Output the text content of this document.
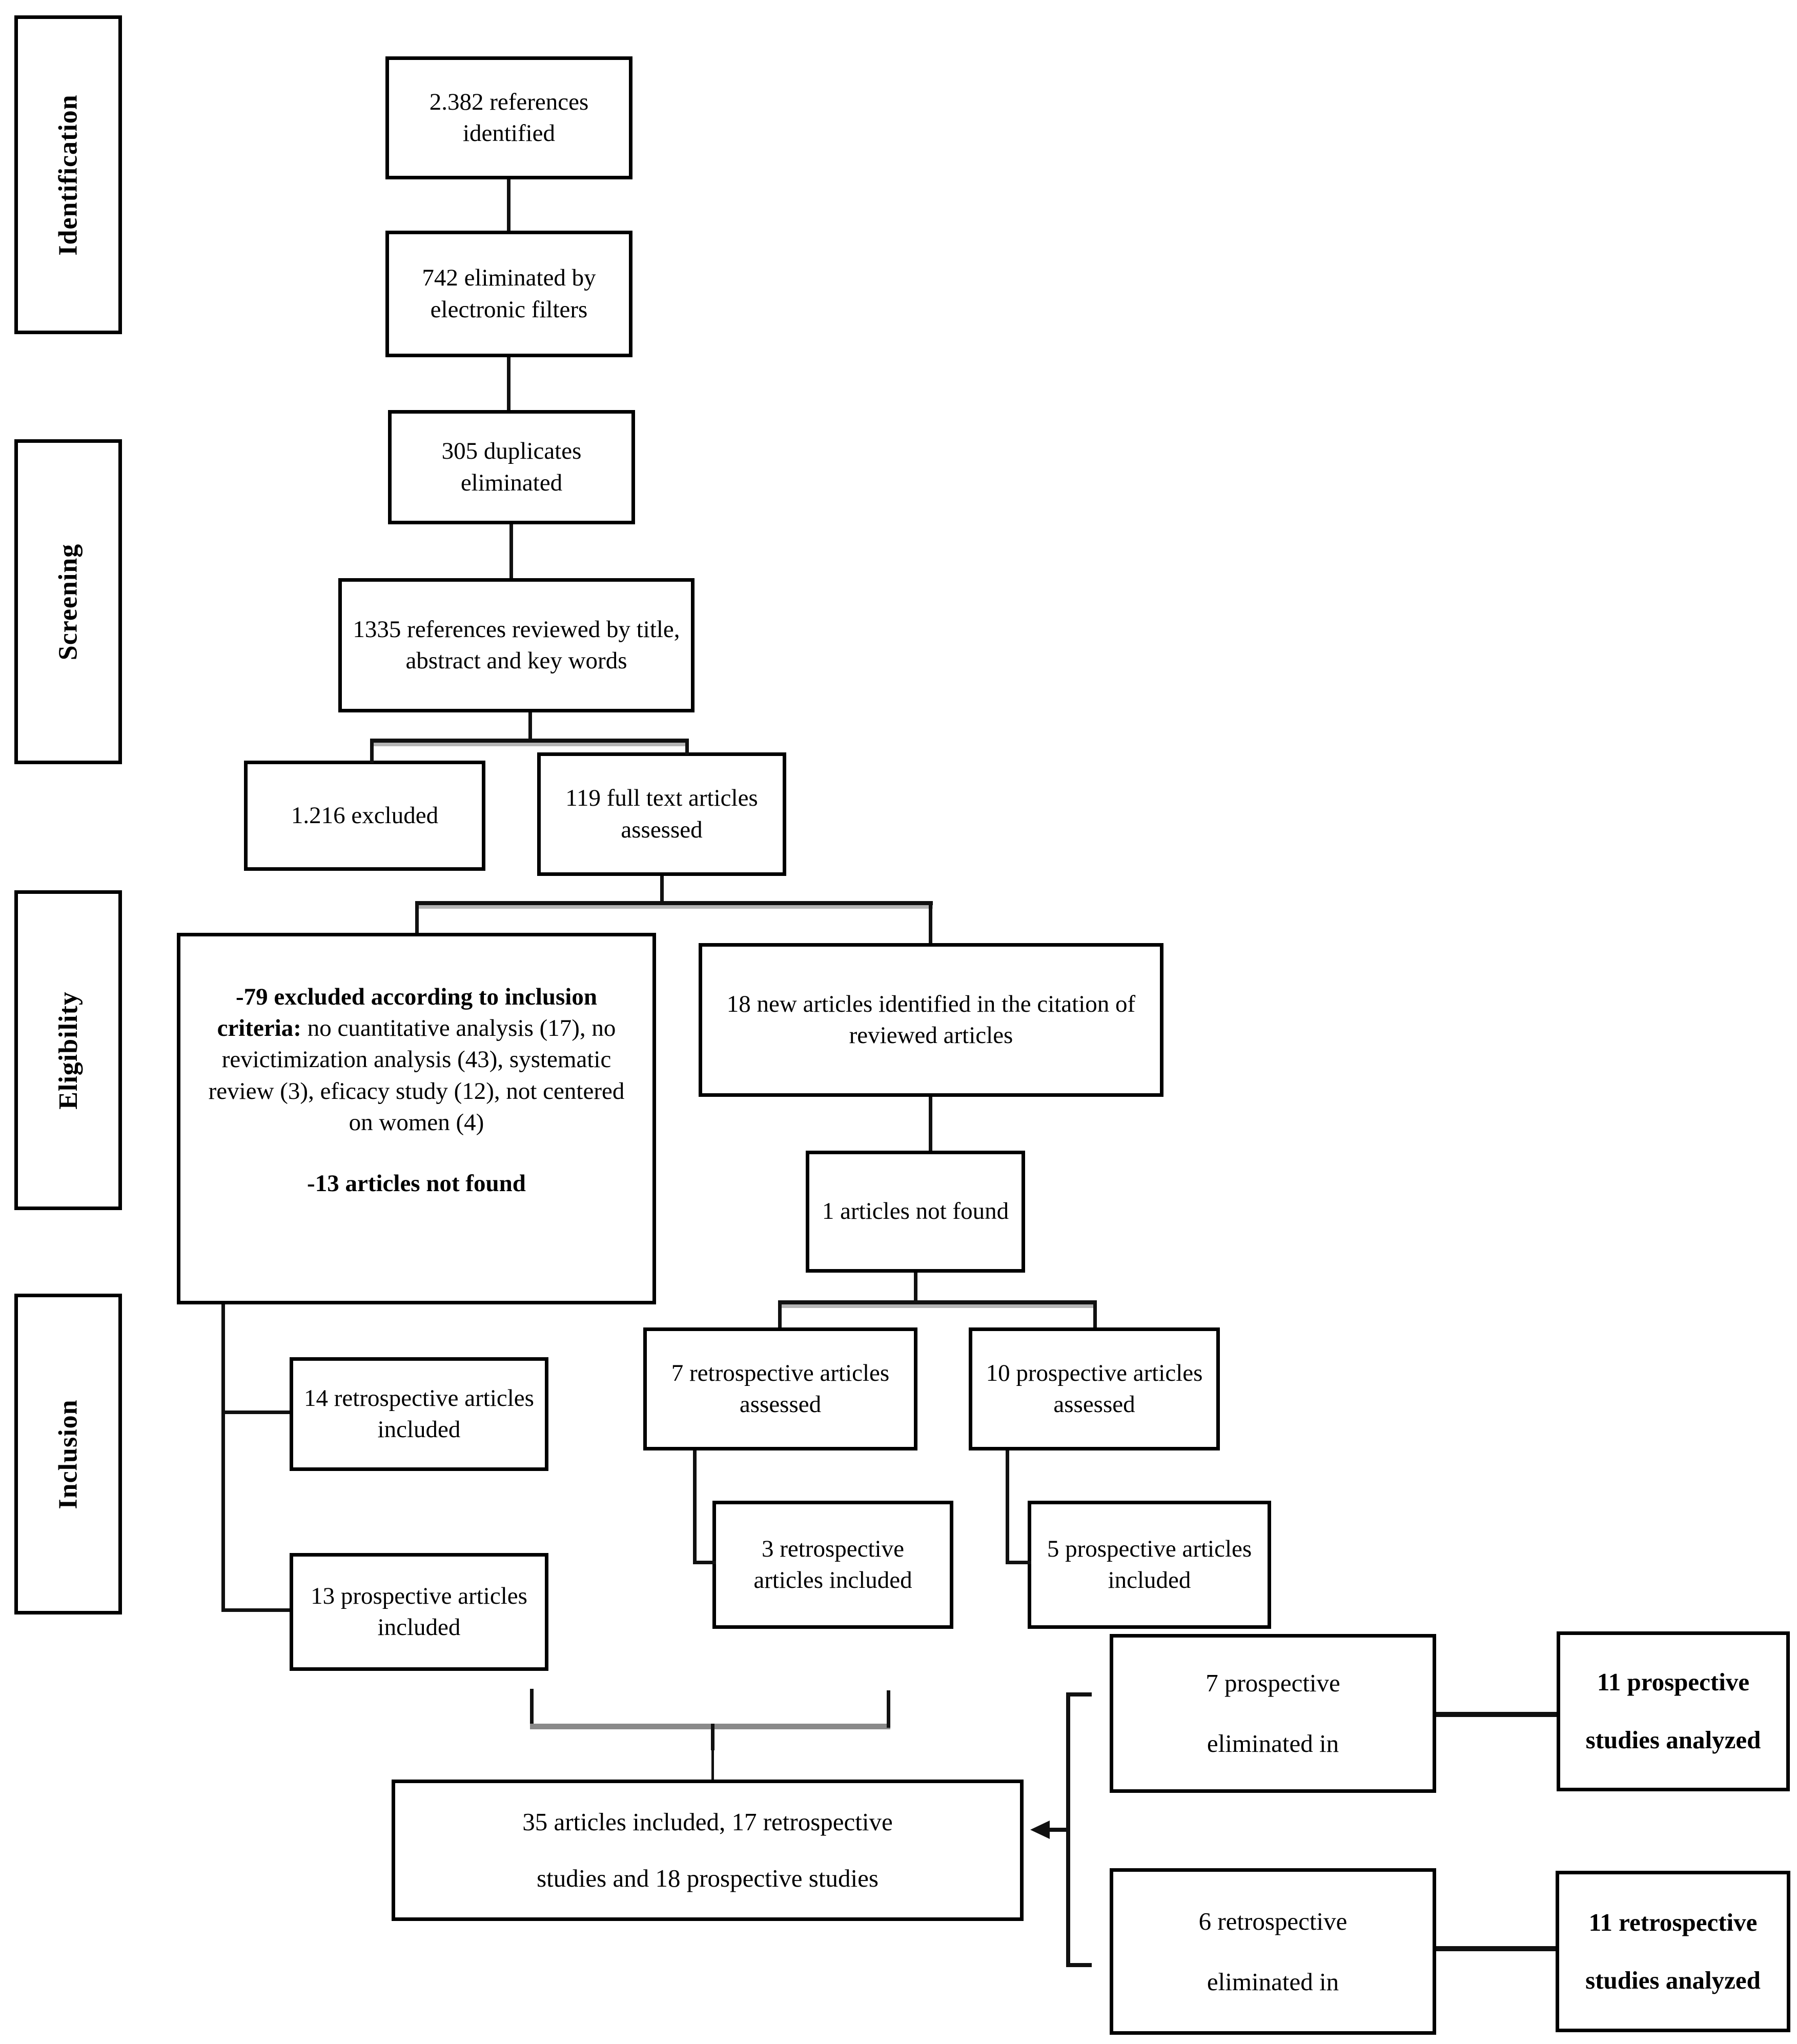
Identification
Screening
Eligibility
Inclusion
2.382 references identified
742 eliminated by electronic filters
305 duplicates eliminated
1335 references reviewed by title, abstract and key words
1.216 excluded
119 full text articles assessed
-79 excluded according to inclusion criteria: no cuantitative analysis (17), no revictimization analysis (43), systematic review (3), eficacy study (12), not centered on women (4)
-13 articles not found
18 new articles identified in the citation of reviewed articles
1 articles not found
7 retrospective articles assessed
10 prospective articles assessed
14 retrospective articles included
13 prospective articles included
3 retrospective articles included
5 prospective articles included
35 articles included, 17 retrospective
studies and 18 prospective studies
7 prospective
eliminated in
11 prospective
studies analyzed
6 retrospective
eliminated in
11 retrospective
studies analyzed
